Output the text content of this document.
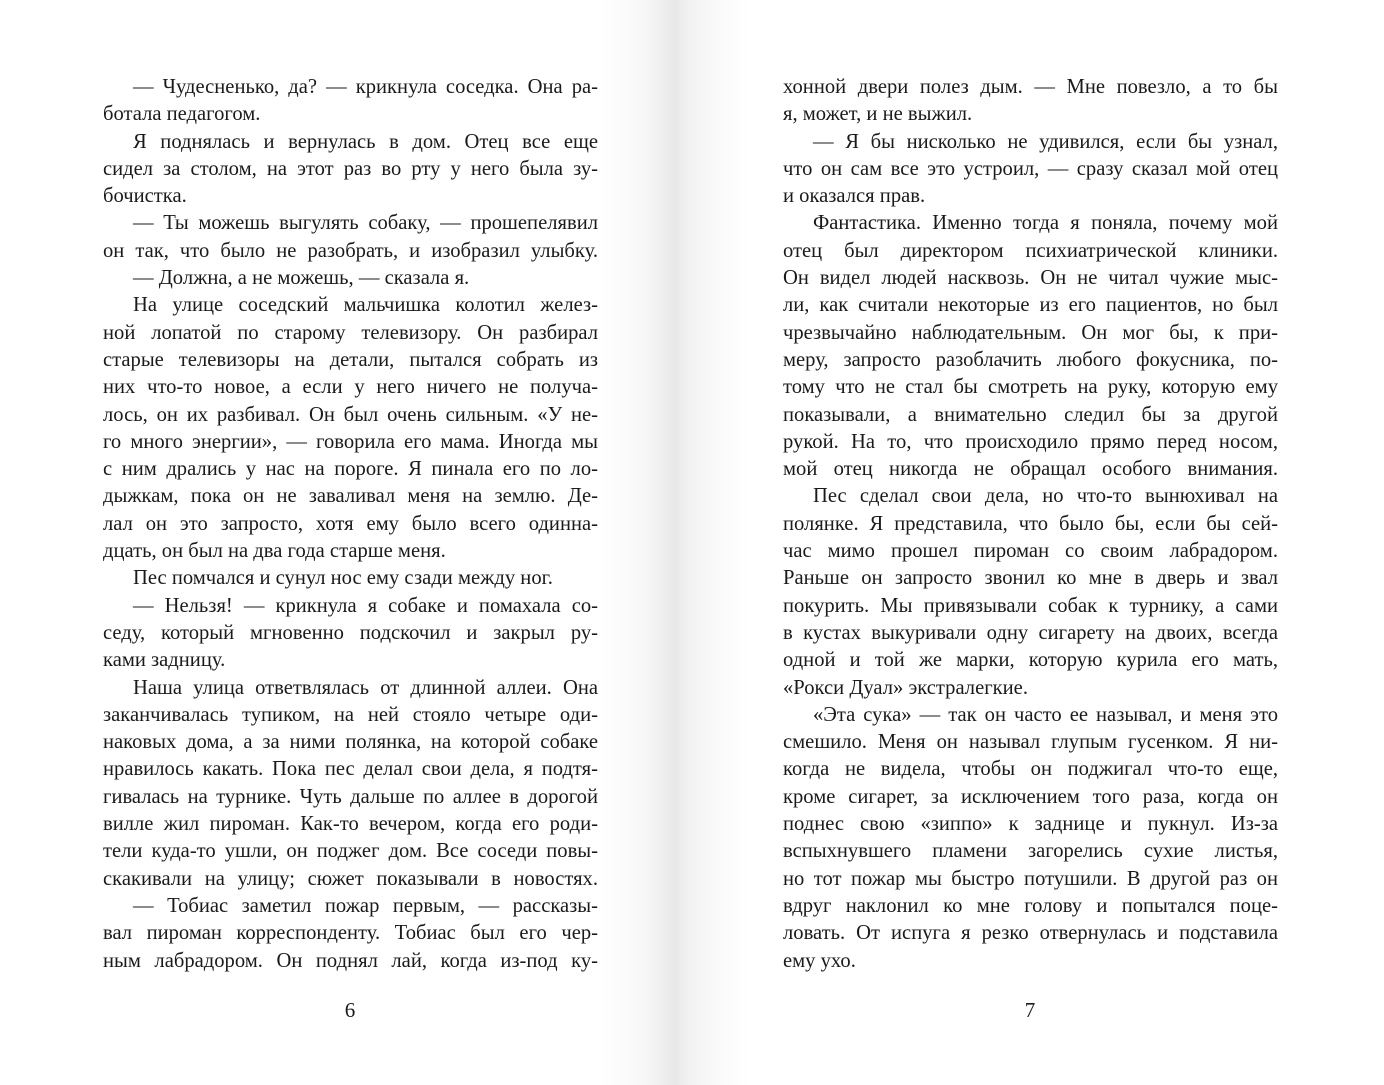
— Чудесненько, да? — крикнула соседка. Она ра-
ботала педагогом.
Я поднялась и вернулась в дом. Отец все еще
сидел за столом, на этот раз во рту у него была зу-
бочистка.
— Ты можешь выгулять собаку, — прошепелявил
он так, что было не разобрать, и изобразил улыбку.
— Должна, а не можешь, — сказала я.
На улице соседский мальчишка колотил желез-
ной лопатой по старому телевизору. Он разбирал
старые телевизоры на детали, пытался собрать из
них что-то новое, а если у него ничего не получа-
лось, он их разбивал. Он был очень сильным. «У не-
го много энергии», — говорила его мама. Иногда мы
с ним дрались у нас на пороге. Я пинала его по ло-
дыжкам, пока он не заваливал меня на землю. Де-
лал он это запросто, хотя ему было всего одинна-
дцать, он был на два года старше меня.
Пес помчался и сунул нос ему сзади между ног.
— Нельзя! — крикнула я собаке и помахала со-
седу, который мгновенно подскочил и закрыл ру-
ками задницу.
Наша улица ответвлялась от длинной аллеи. Она
заканчивалась тупиком, на ней стояло четыре оди-
наковых дома, а за ними полянка, на которой собаке
нравилось какать. Пока пес делал свои дела, я подтя-
гивалась на турнике. Чуть дальше по аллее в дорогой
вилле жил пироман. Как-то вечером, когда его роди-
тели куда-то ушли, он поджег дом. Все соседи повы-
скакивали на улицу; сюжет показывали в новостях.
— Тобиас заметил пожар первым, — рассказы-
вал пироман корреспонденту. Тобиас был его чер-
ным лабрадором. Он поднял лай, когда из-под ку-
хонной двери полез дым. — Мне повезло, а то бы
я, может, и не выжил.
— Я бы нисколько не удивился, если бы узнал,
что он сам все это устроил, — сразу сказал мой отец
и оказался прав.
Фантастика. Именно тогда я поняла, почему мой
отец был директором психиатрической клиники.
Он видел людей насквозь. Он не читал чужие мыс-
ли, как считали некоторые из его пациентов, но был
чрезвычайно наблюдательным. Он мог бы, к при-
меру, запросто разоблачить любого фокусника, по-
тому что не стал бы смотреть на руку, которую ему
показывали, а внимательно следил бы за другой
рукой. На то, что происходило прямо перед носом,
мой отец никогда не обращал особого внимания.
Пес сделал свои дела, но что-то вынюхивал на
полянке. Я представила, что было бы, если бы сей-
час мимо прошел пироман со своим лабрадором.
Раньше он запросто звонил ко мне в дверь и звал
покурить. Мы привязывали собак к турнику, а сами
в кустах выкуривали одну сигарету на двоих, всегда
одной и той же марки, которую курила его мать,
«Рокси Дуал» экстралегкие.
«Эта сука» — так он часто ее называл, и меня это
смешило. Меня он называл глупым гусенком. Я ни-
когда не видела, чтобы он поджигал что-то еще,
кроме сигарет, за исключением того раза, когда он
поднес свою «зиппо» к заднице и пукнул. Из-за
вспыхнувшего пламени загорелись сухие листья,
но тот пожар мы быстро потушили. В другой раз он
вдруг наклонил ко мне голову и попытался поце-
ловать. От испуга я резко отвернулась и подставила
ему ухо.
6	7
